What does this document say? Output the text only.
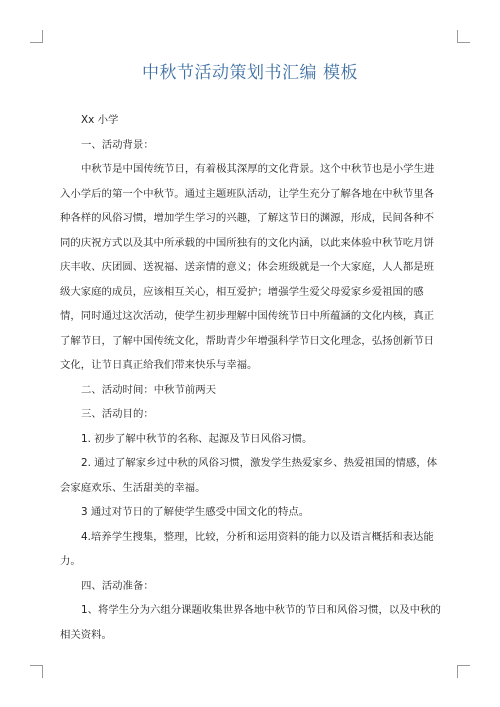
中秋节活动策划书汇编 模板

Xx 小学

一、活动背景：

中秋节是中国传统节日，有着极其深厚的文化背景。这个中秋节也是小学生进入小学后的第一个中秋节。通过主题班队活动，让学生充分了解各地在中秋节里各种各样的风俗习惯，增加学生学习的兴趣，了解这节日的渊源，形成，民间各种不同的庆祝方式以及其中所承载的中国所独有的文化内涵，以此来体验中秋节吃月饼庆丰收、庆团圆、送祝福、送亲情的意义；体会班级就是一个大家庭，人人都是班级大家庭的成员，应该相互关心，相互爱护；增强学生爱父母爱家乡爱祖国的感情，同时通过这次活动，使学生初步理解中国传统节日中所蕴涵的文化内核，真正了解节日，了解中国传统文化，帮助青少年增强科学节日文化理念，弘扬创新节日文化，让节日真正给我们带来快乐与幸福。

二、活动时间：中秋节前两天

三、活动目的：

1. 初步了解中秋节的名称、起源及节日风俗习惯。

2. 通过了解家乡过中秋的风俗习惯，激发学生热爱家乡、热爱祖国的情感，体会家庭欢乐、生活甜美的幸福。

3 通过对节日的了解使学生感受中国文化的特点。

4.培养学生搜集，整理，比较，分析和运用资料的能力以及语言概括和表达能力。

四、活动准备：

1、将学生分为六组分课题收集世界各地中秋节的节日和风俗习惯，以及中秋的相关资料。
